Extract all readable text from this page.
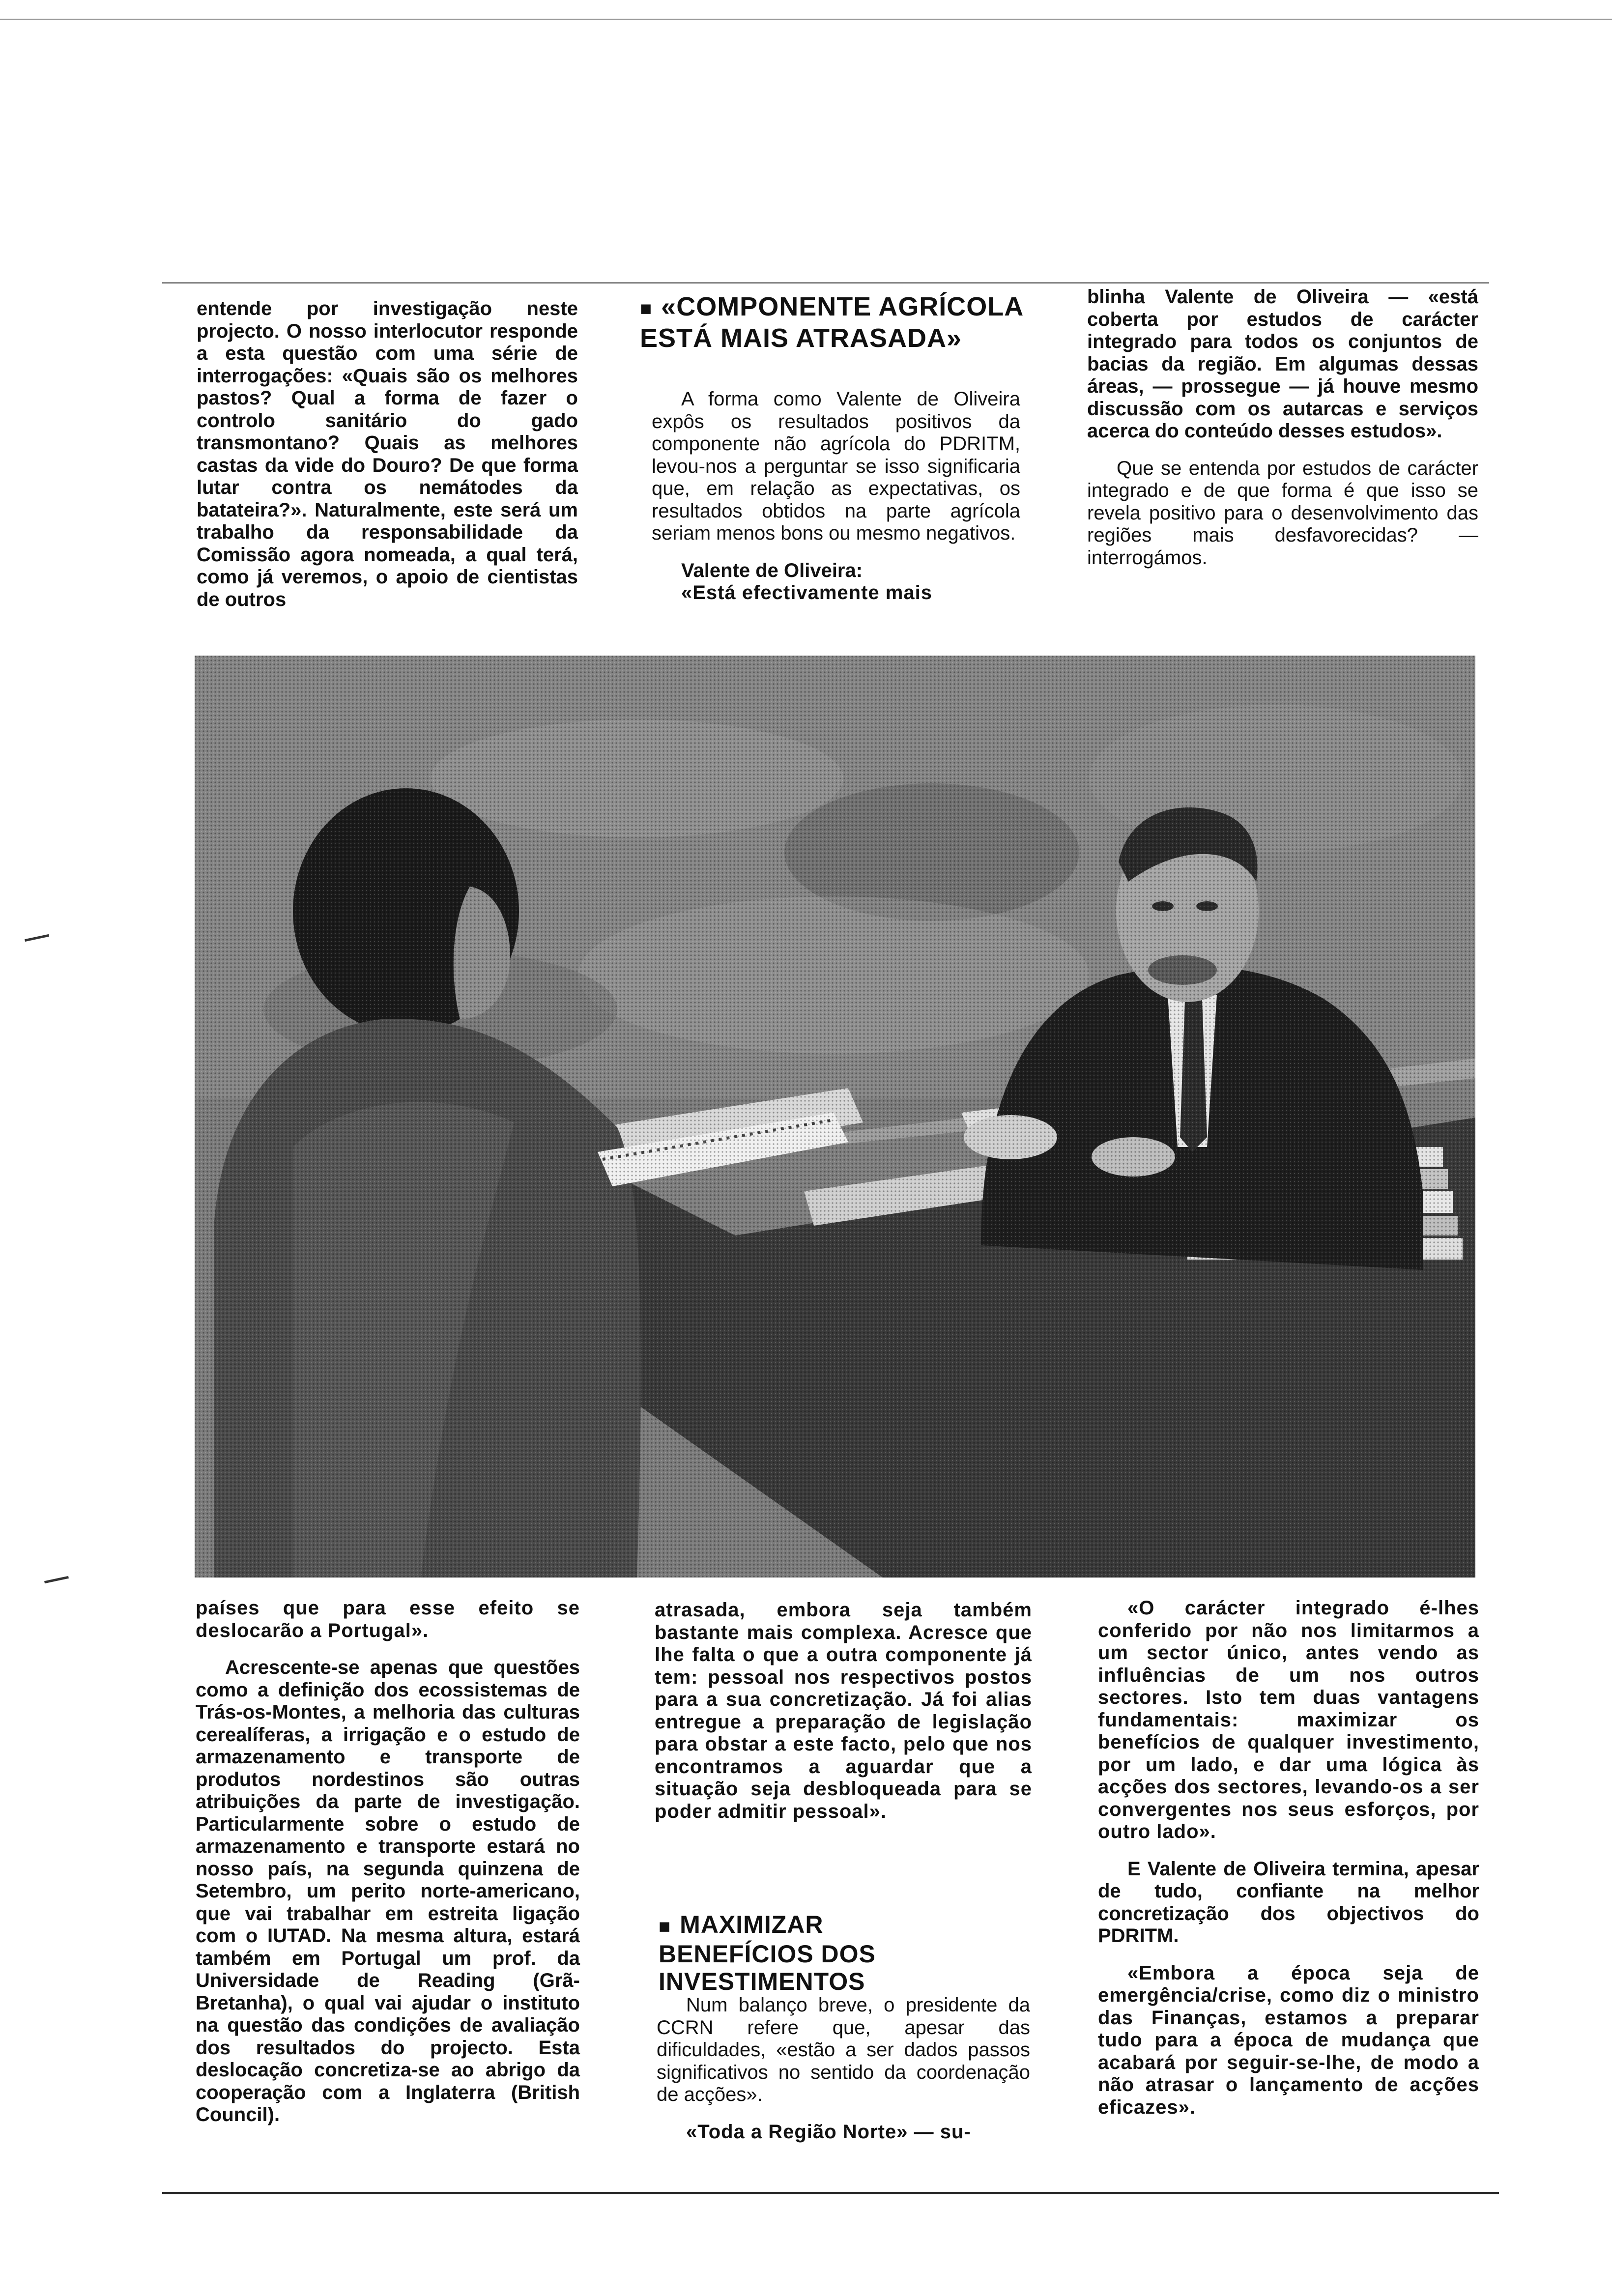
entende por investigação neste projecto. O nosso interlocutor responde a esta questão com uma série de interrogações: «Quais são os melhores pastos? Qual a forma de fazer o controlo sanitário do gado transmontano? Quais as melhores castas da vide do Douro? De que forma lutar contra os nemátodes da batateira?». Naturalmente, este será um trabalho da responsabilidade da Comissão agora nomeada, a qual terá, como já veremos, o apoio de cientistas de outros

■ «COMPONENTE AGRÍCOLA ESTÁ MAIS ATRASADA»

A forma como Valente de Oliveira expôs os resultados positivos da componente não agrícola do PDRITM, levou-nos a perguntar se isso significaria que, em relação as expectativas, os resultados obtidos na parte agrícola seriam menos bons ou mesmo negativos.

Valente de Oliveira:

«Está efectivamente mais

blinha Valente de Oliveira — «está coberta por estudos de carácter integrado para todos os conjuntos de bacias da região. Em algumas dessas áreas, — prossegue — já houve mesmo discussão com os autarcas e serviços acerca do conteúdo desses estudos».

Que se entenda por estudos de carácter integrado e de que forma é que isso se revela positivo para o desenvolvimento das regiões mais desfavorecidas? — interrogámos.

países que para esse efeito se deslocarão a Portugal».

Acrescente-se apenas que questões como a definição dos ecossistemas de Trás-os-Montes, a melhoria das culturas cerealíferas, a irrigação e o estudo de armazenamento e transporte de produtos nordestinos são outras atribuições da parte de investigação. Particularmente sobre o estudo de armazenamento e transporte estará no nosso país, na segunda quinzena de Setembro, um perito norte-americano, que vai trabalhar em estreita ligação com o IUTAD. Na mesma altura, estará também em Portugal um prof. da Universidade de Reading (Grã-Bretanha), o qual vai ajudar o instituto na questão das condições de avaliação dos resultados do projecto. Esta deslocação concretiza-se ao abrigo da cooperação com a Inglaterra (British Council).

atrasada, embora seja também bastante mais complexa. Acresce que lhe falta o que a outra componente já tem: pessoal nos respectivos postos para a sua concretização. Já foi alias entregue a preparação de legislação para obstar a este facto, pelo que nos encontramos a aguardar que a situação seja desbloqueada para se poder admitir pessoal».

■ MAXIMIZAR BENEFÍCIOS DOS INVESTIMENTOS

Num balanço breve, o presidente da CCRN refere que, apesar das dificuldades, «estão a ser dados passos significativos no sentido da coordenação de acções».

«Toda a Região Norte» — su-

«O carácter integrado é-lhes conferido por não nos limitarmos a um sector único, antes vendo as influências de um nos outros sectores. Isto tem duas vantagens fundamentais: maximizar os benefícios de qualquer investimento, por um lado, e dar uma lógica às acções dos sectores, levando-os a ser convergentes nos seus esforços, por outro lado».

E Valente de Oliveira termina, apesar de tudo, confiante na melhor concretização dos objectivos do PDRITM.

«Embora a época seja de emergência/crise, como diz o ministro das Finanças, estamos a preparar tudo para a época de mudança que acabará por seguir-se-lhe, de modo a não atrasar o lançamento de acções eficazes».
